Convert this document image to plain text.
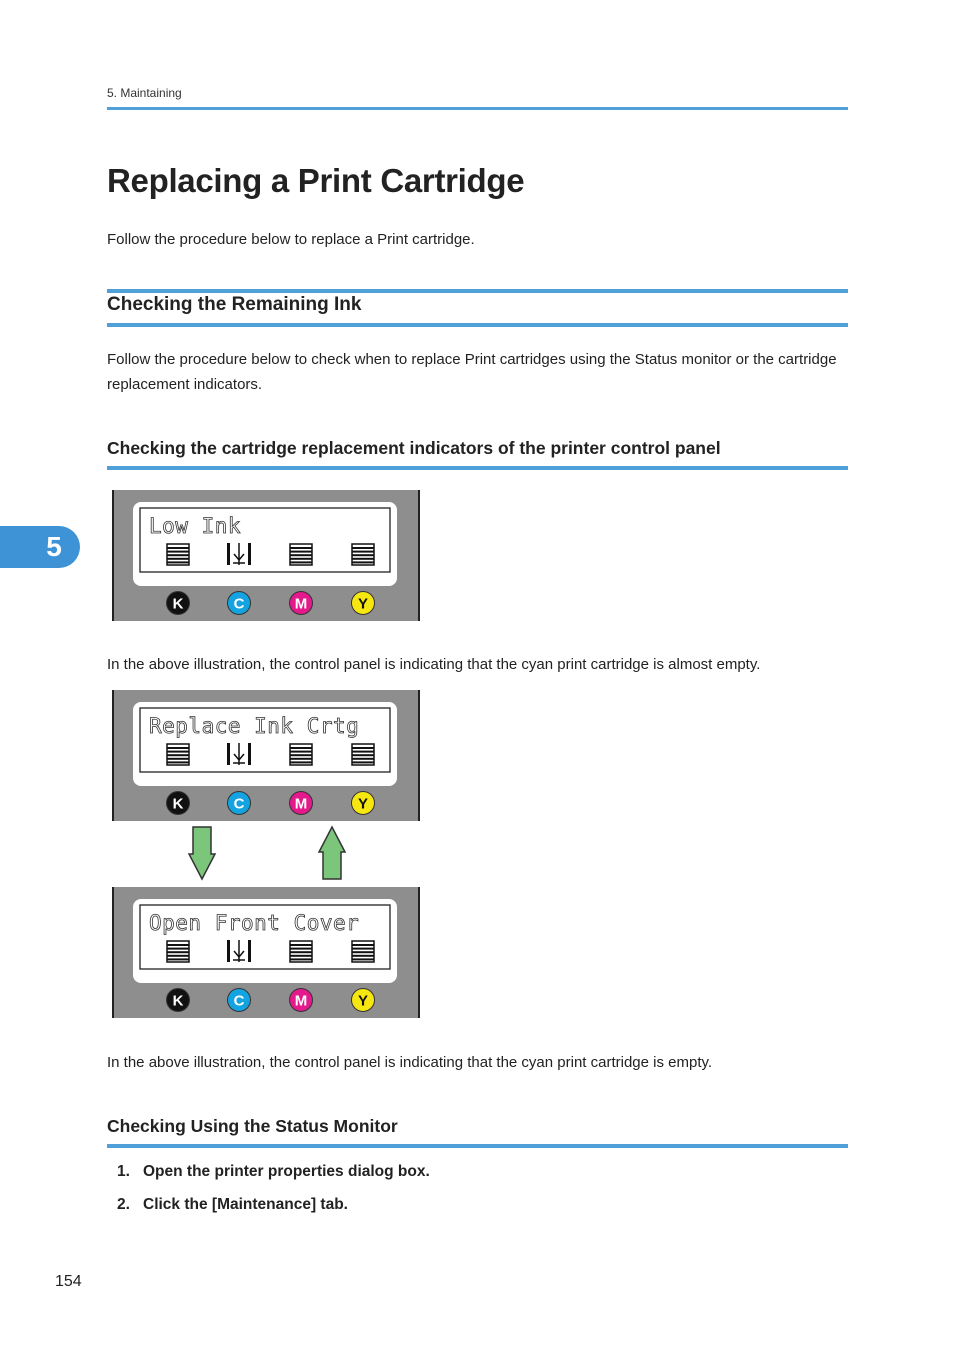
5. Maintaining
5
Replacing a Print Cartridge

Follow the procedure below to replace a Print cartridge.

Checking the Remaining Ink

Follow the procedure below to check when to replace Print cartridges using the Status monitor or the cartridge replacement indicators.

Checking the cartridge replacement indicators of the printer control panel
Low Ink
K	C	M	Y

In the above illustration, the control panel is indicating that the cyan print cartridge is almost empty.

Replace Ink Crtg
K	C	M	Y
Open Front Cover
K	C	M	Y

In the above illustration, the control panel is indicating that the cyan print cartridge is empty.

Checking Using the Status Monitor
1. Open the printer properties dialog box.
2. Click the [Maintenance] tab.
154
